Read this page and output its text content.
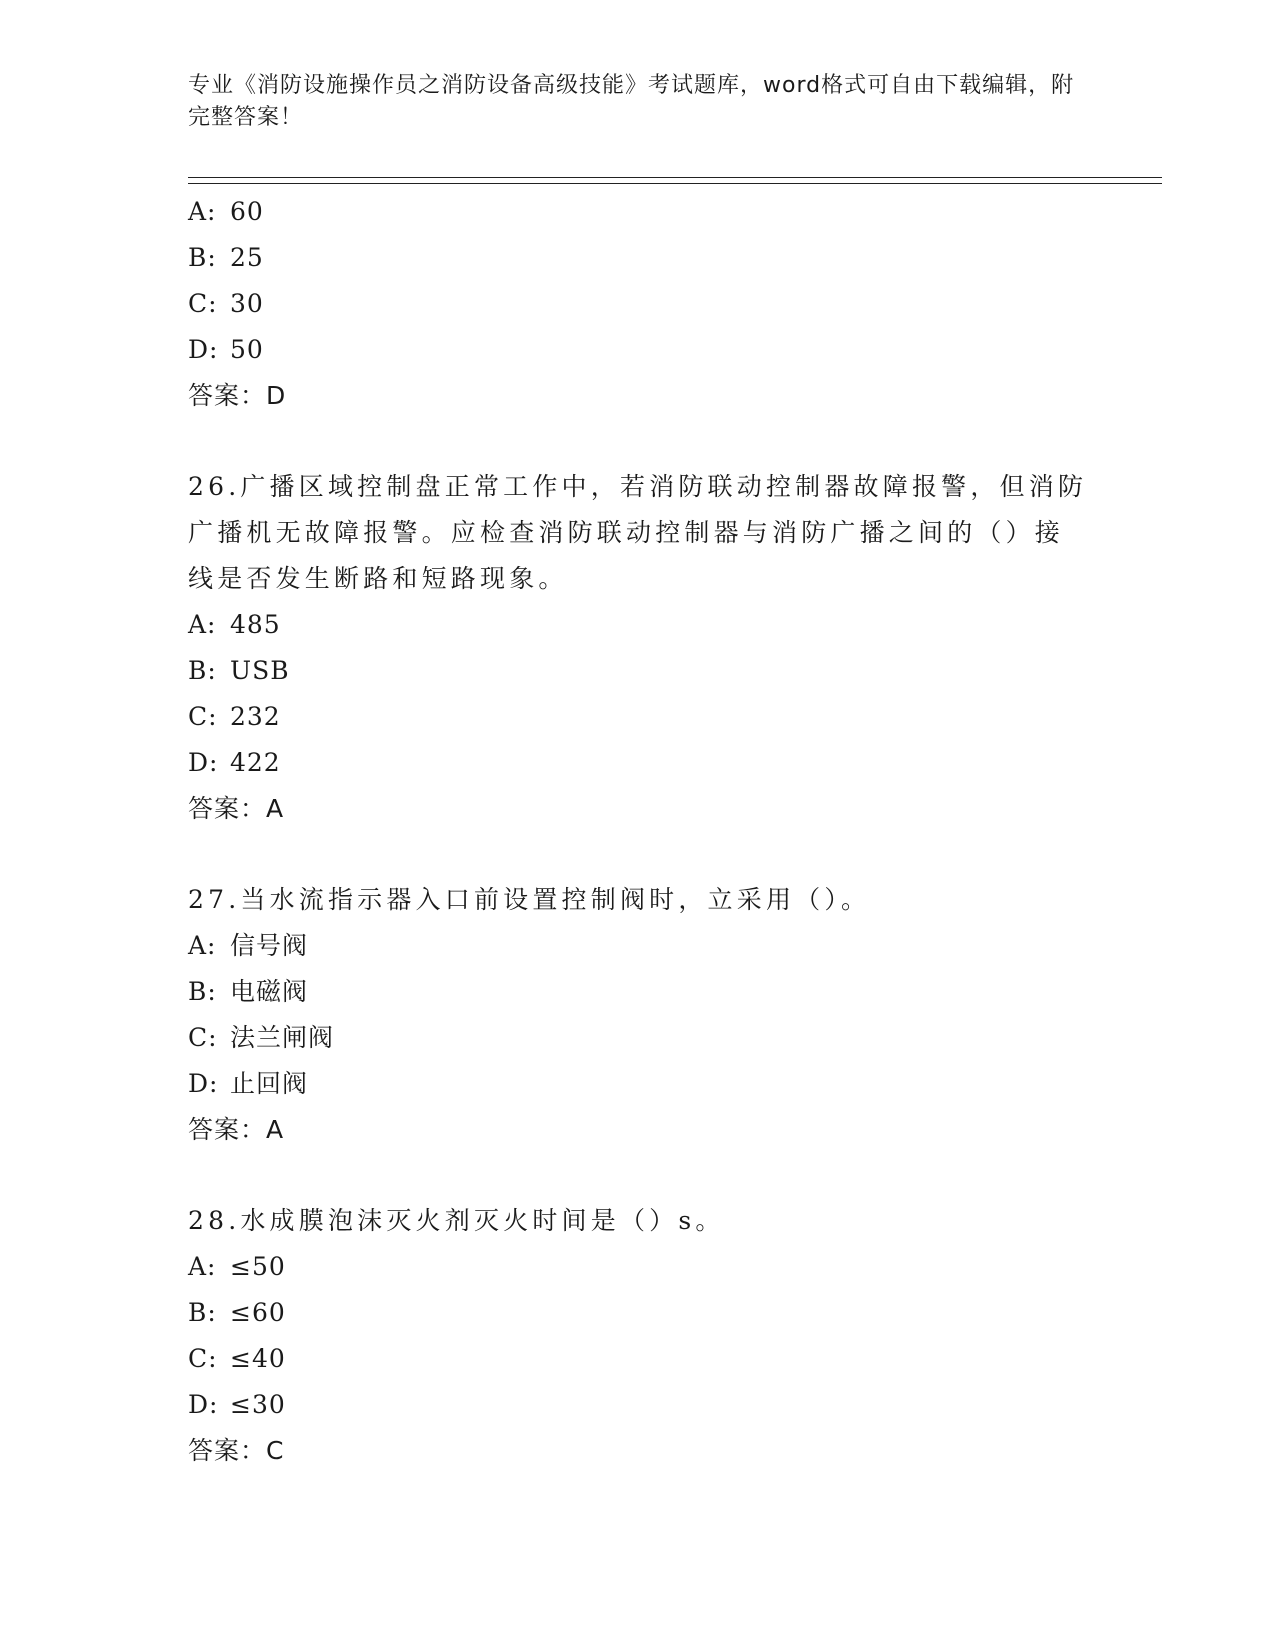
专业《消防设施操作员之消防设备高级技能》考试题库，word格式可自由下载编辑，附完整答案！
A: 60
B: 25
C: 30
D: 50
答案：D
26.广播区域控制盘正常工作中，若消防联动控制器故障报警，但消防广播机无故障报警。应检查消防联动控制器与消防广播之间的（）接线是否发生断路和短路现象。
A: 485
B: USB
C: 232
D: 422
答案：A
27.当水流指示器入口前设置控制阀时，立采用（）。
A: 信号阀
B: 电磁阀
C: 法兰闸阀
D: 止回阀
答案：A
28.水成膜泡沫灭火剂灭火时间是（）s。
A: ≤50
B: ≤60
C: ≤40
D: ≤30
答案：C
